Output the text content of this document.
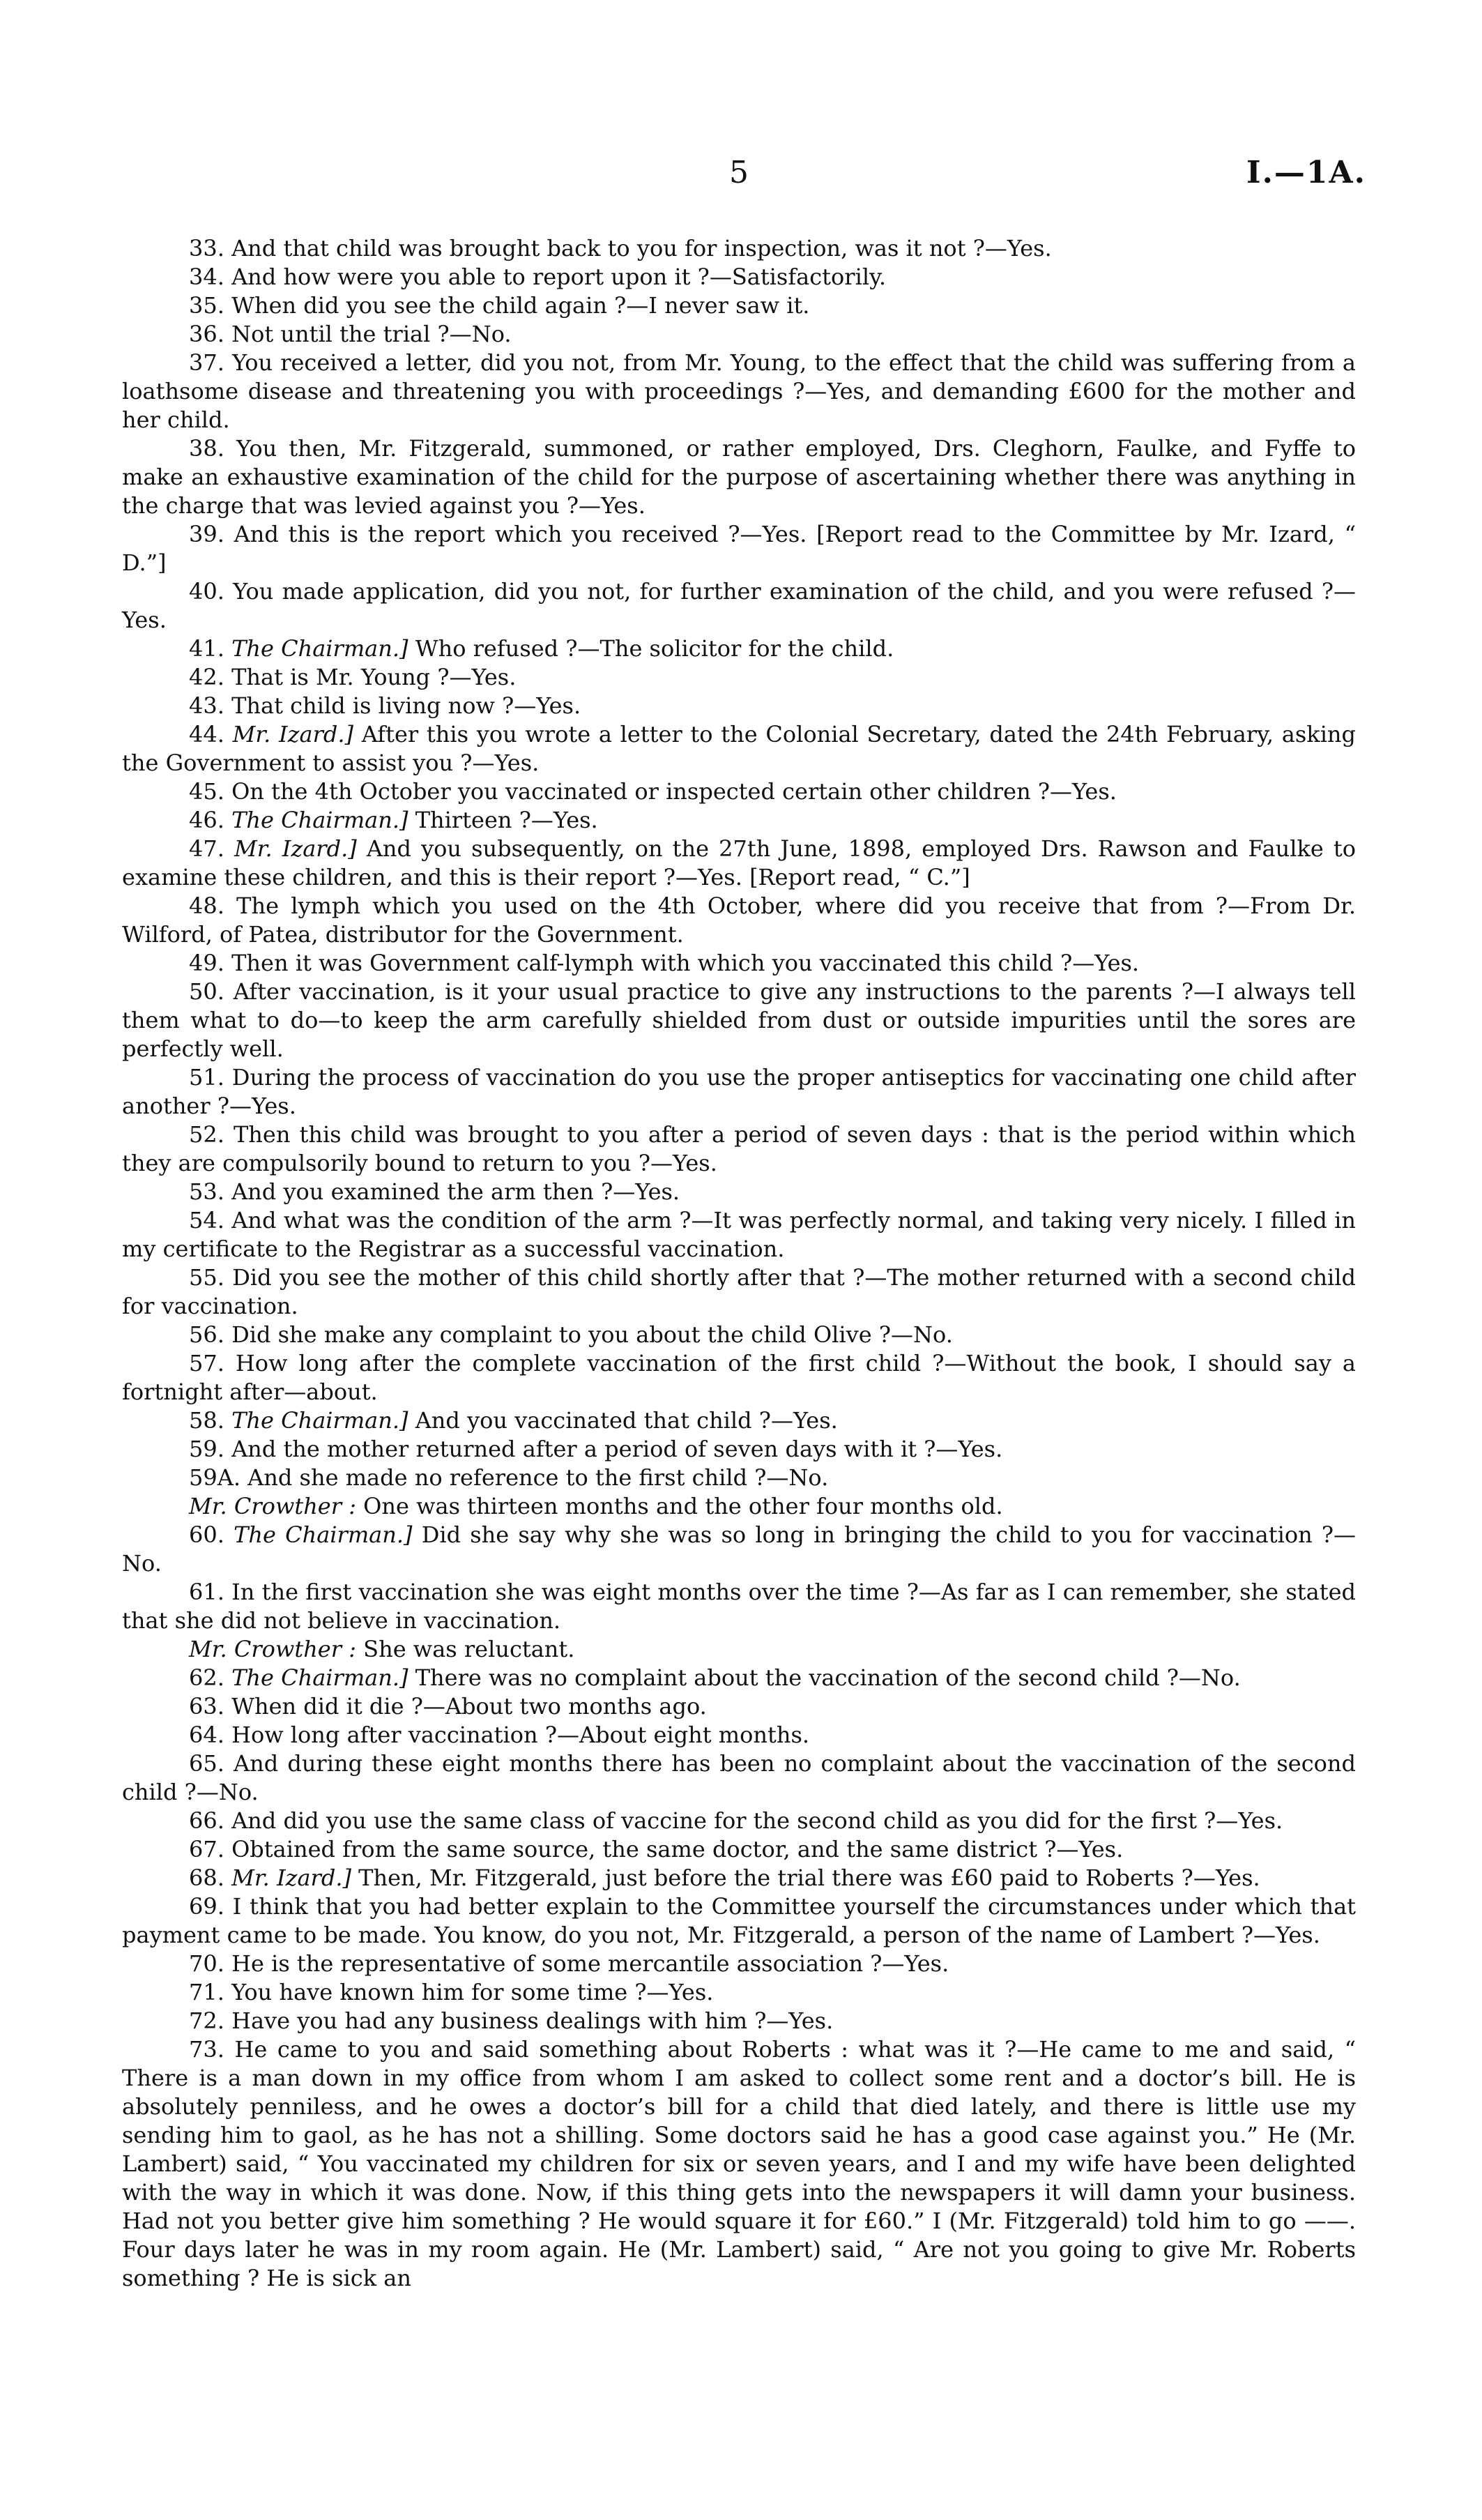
5	I.—1A.

33. And that child was brought back to you for inspection, was it not ?—Yes.

34. And how were you able to report upon it ?—Satisfactorily.

35. When did you see the child again ?—I never saw it.

36. Not until the trial ?—No.

37. You received a letter, did you not, from Mr. Young, to the effect that the child was suffering from a loathsome disease and threatening you with proceedings ?—Yes, and demanding £600 for the mother and her child.

38. You then, Mr. Fitzgerald, summoned, or rather employed, Drs. Cleghorn, Faulke, and Fyffe to make an exhaustive examination of the child for the purpose of ascertaining whether there was anything in the charge that was levied against you ?—Yes.

39. And this is the report which you received ?—Yes. [Report read to the Committee by Mr. Izard, “ D.”]

40. You made application, did you not, for further examination of the child, and you were refused ?—Yes.

41. The Chairman.] Who refused ?—The solicitor for the child.

42. That is Mr. Young ?—Yes.

43. That child is living now ?—Yes.

44. Mr. Izard.] After this you wrote a letter to the Colonial Secretary, dated the 24th February, asking the Government to assist you ?—Yes.

45. On the 4th October you vaccinated or inspected certain other children ?—Yes.

46. The Chairman.] Thirteen ?—Yes.

47. Mr. Izard.] And you subsequently, on the 27th June, 1898, employed Drs. Rawson and Faulke to examine these children, and this is their report ?—Yes. [Report read, “ C.”]

48. The lymph which you used on the 4th October, where did you receive that from ?—From Dr. Wilford, of Patea, distributor for the Government.

49. Then it was Government calf-lymph with which you vaccinated this child ?—Yes.

50. After vaccination, is it your usual practice to give any instructions to the parents ?—I always tell them what to do—to keep the arm carefully shielded from dust or outside impurities until the sores are perfectly well.

51. During the process of vaccination do you use the proper antiseptics for vaccinating one child after another ?—Yes.

52. Then this child was brought to you after a period of seven days : that is the period within which they are compulsorily bound to return to you ?—Yes.

53. And you examined the arm then ?—Yes.

54. And what was the condition of the arm ?—It was perfectly normal, and taking very nicely. I filled in my certificate to the Registrar as a successful vaccination.

55. Did you see the mother of this child shortly after that ?—The mother returned with a second child for vaccination.

56. Did she make any complaint to you about the child Olive ?—No.

57. How long after the complete vaccination of the first child ?—Without the book, I should say a fortnight after—about.

58. The Chairman.] And you vaccinated that child ?—Yes.

59. And the mother returned after a period of seven days with it ?—Yes.

59A. And she made no reference to the first child ?—No.

Mr. Crowther : One was thirteen months and the other four months old.

60. The Chairman.] Did she say why she was so long in bringing the child to you for vaccination ?—No.

61. In the first vaccination she was eight months over the time ?—As far as I can remember, she stated that she did not believe in vaccination.

Mr. Crowther : She was reluctant.

62. The Chairman.] There was no complaint about the vaccination of the second child ?—No.

63. When did it die ?—About two months ago.

64. How long after vaccination ?—About eight months.

65. And during these eight months there has been no complaint about the vaccination of the second child ?—No.

66. And did you use the same class of vaccine for the second child as you did for the first ?—Yes.

67. Obtained from the same source, the same doctor, and the same district ?—Yes.

68. Mr. Izard.] Then, Mr. Fitzgerald, just before the trial there was £60 paid to Roberts ?—Yes.

69. I think that you had better explain to the Committee yourself the circumstances under which that payment came to be made. You know, do you not, Mr. Fitzgerald, a person of the name of Lambert ?—Yes.

70. He is the representative of some mercantile association ?—Yes.

71. You have known him for some time ?—Yes.

72. Have you had any business dealings with him ?—Yes.

73. He came to you and said something about Roberts : what was it ?—He came to me and said, “ There is a man down in my office from whom I am asked to collect some rent and a doctor’s bill. He is absolutely penniless, and he owes a doctor’s bill for a child that died lately, and there is little use my sending him to gaol, as he has not a shilling. Some doctors said he has a good case against you.” He (Mr. Lambert) said, “ You vaccinated my children for six or seven years, and I and my wife have been delighted with the way in which it was done. Now, if this thing gets into the newspapers it will damn your business. Had not you better give him something ? He would square it for £60.” I (Mr. Fitzgerald) told him to go ——. Four days later he was in my room again. He (Mr. Lambert) said, “ Are not you going to give Mr. Roberts something ? He is sick an
